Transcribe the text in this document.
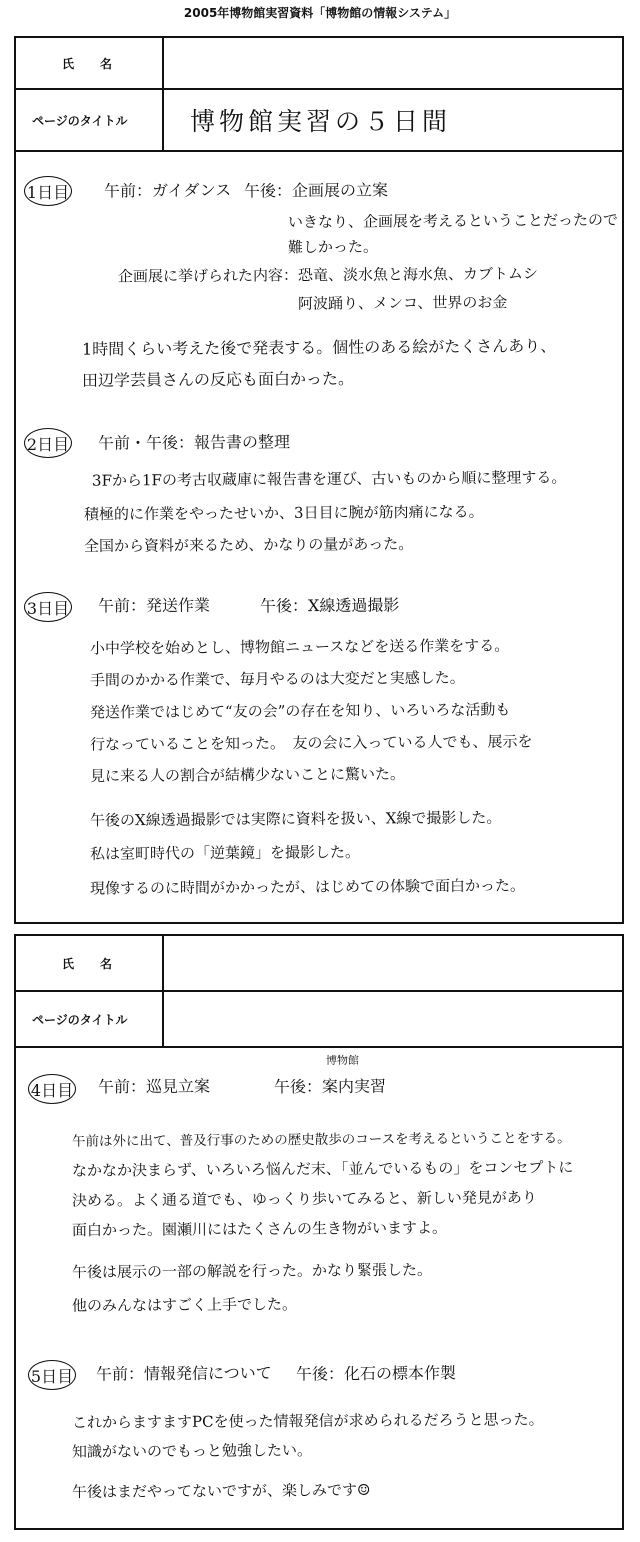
2005年博物館実習資料「博物館の情報システム」
氏名
ページのタイトル	博物館実習の５日間
1日目 午前：ガイダンス 午後：企画展の立案
いきなり、企画展を考えるということだったので
難しかった。
企画展に挙げられた内容：恐竜、淡水魚と海水魚、カブトムシ
阿波踊り、メンコ、世界のお金
1時間くらい考えた後で発表する。個性のある絵がたくさんあり、
田辺学芸員さんの反応も面白かった。
2日目 午前・午後：報告書の整理
3Fから1Fの考古収蔵庫に報告書を運び、古いものから順に整理する。
積極的に作業をやったせいか、3日目に腕が筋肉痛になる。
全国から資料が来るため、かなりの量があった。
3日目 午前：発送作業	午後：X線透過撮影
小中学校を始めとし、博物館ニュースなどを送る作業をする。
手間のかかる作業で、毎月やるのは大変だと実感した。
発送作業ではじめて“友の会”の存在を知り、いろいろな活動も
行なっていることを知った。　友の会に入っている人でも、展示を
見に来る人の割合が結構少ないことに驚いた。
午後のX線透過撮影では実際に資料を扱い、X線で撮影した。
私は室町時代の「逆葉鏡」を撮影した。
現像するのに時間がかかったが、はじめての体験で面白かった。
氏名
ページのタイトル
4日目 午前：巡見立案
博物館
午後：案内実習
午前は外に出て、普及行事のための歴史散歩のコースを考えるということをする。
なかなか決まらず、いろいろ悩んだ末、「並んでいるもの」をコンセプトに
決める。よく通る道でも、ゆっくり歩いてみると、新しい発見があり
面白かった。園瀬川にはたくさんの生き物がいますよ。
午後は展示の一部の解説を行った。かなり緊張した。
他のみんなはすごく上手でした。
5日目 午前：情報発信について 午後：化石の標本作製
これからますますPCを使った情報発信が求められるだろうと思った。
知識がないのでもっと勉強したい。
午後はまだやってないですが、楽しみです☺
